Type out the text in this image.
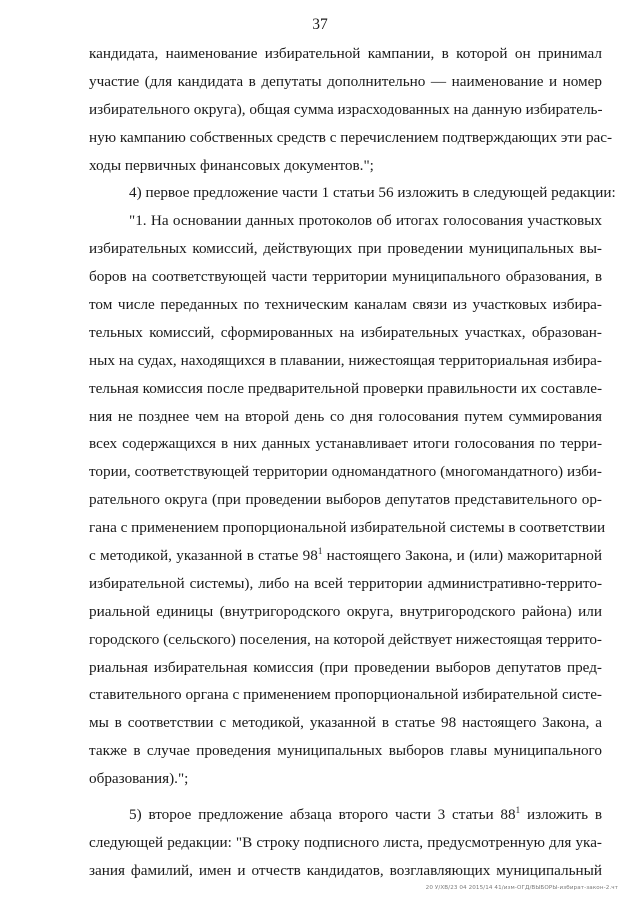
37
кандидата, наименование избирательной кампании, в которой он принимал
участие (для кандидата в депутаты дополнительно — наименование и номер
избирательного округа), общая сумма израсходованных на данную избиратель-
ную кампанию собственных средств с перечислением подтверждающих эти рас-
ходы первичных финансовых документов.";
4) первое предложение части 1 статьи 56 изложить в следующей редакции:
"1. На основании данных протоколов об итогах голосования участковых
избирательных комиссий, действующих при проведении муниципальных вы-
боров на соответствующей части территории муниципального образования, в
том числе переданных по техническим каналам связи из участковых избира-
тельных комиссий, сформированных на избирательных участках, образован-
ных на судах, находящихся в плавании, нижестоящая территориальная избира-
тельная комиссия после предварительной проверки правильности их составле-
ния не позднее чем на второй день со дня голосования путем суммирования
всех содержащихся в них данных устанавливает итоги голосования по терри-
тории, соответствующей территории одномандатного (многомандатного) изби-
рательного округа (при проведении выборов депутатов представительного ор-
гана с применением пропорциональной избирательной системы в соответствии
с методикой, указанной в статье $98^1$ настоящего Закона, и (или) мажоритарной
избирательной системы), либо на всей территории административно-террито-
риальной единицы (внутригородского округа, внутригородского района) или
городского (сельского) поселения, на которой действует нижестоящая террито-
риальная избирательная комиссия (при проведении выборов депутатов пред-
ставительного органа с применением пропорциональной избирательной систе-
мы в соответствии с методикой, указанной в статье 98 настоящего Закона, а
также в случае проведения муниципальных выборов главы муниципального
образования).";
5) второе предложение абзаца второго части 3 статьи $88^1$ изложить в
следующей редакции: "В строку подписного листа, предусмотренную для ука-
зания фамилий, имен и отчеств кандидатов, возглавляющих муниципальный
20 У/ХВ/23 04 2015/14 41/изм-ОГД/ВЫБОРЫ-избират-закон-2.чт
